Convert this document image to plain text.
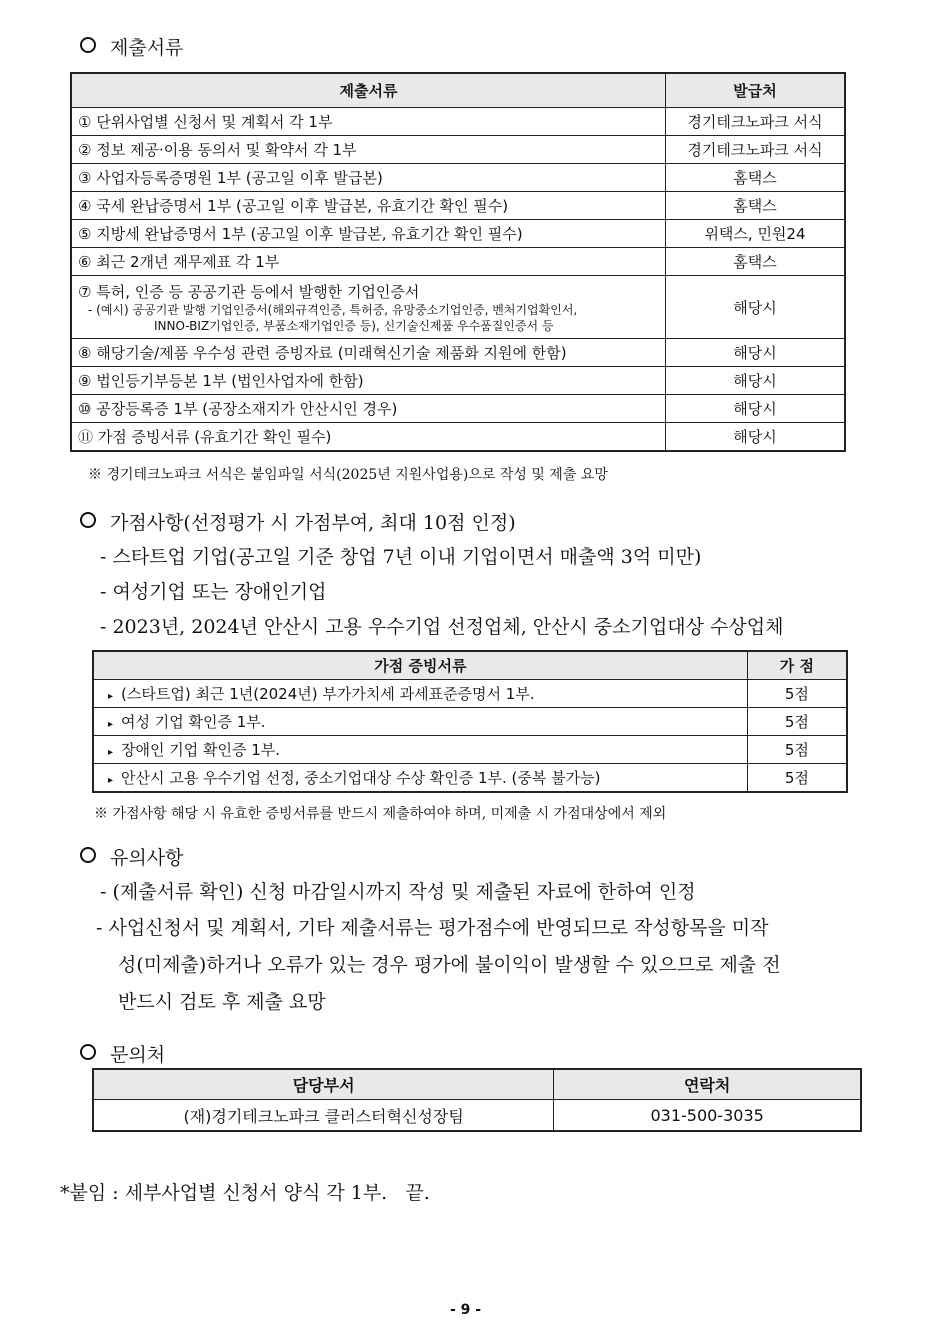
제출서류
제출서류	발급처
① 단위사업별 신청서 및 계획서 각 1부	경기테크노파크 서식
② 정보 제공·이용 동의서 및 확약서 각 1부	경기테크노파크 서식
③ 사업자등록증명원 1부 (공고일 이후 발급본)	홈택스
④ 국세 완납증명서 1부 (공고일 이후 발급본, 유효기간 확인 필수)	홈택스
⑤ 지방세 완납증명서 1부 (공고일 이후 발급본, 유효기간 확인 필수)	위택스, 민원24
⑥ 최근 2개년 재무제표 각 1부	홈택스

⑦ 특허, 인증 등 공공기관 등에서 발행한 기업인증서
- (예시) 공공기관 발행 기업인증서(해외규격인증, 특허증, 유망중소기업인증, 벤처기업확인서,
INNO-BIZ기업인증, 부품소재기업인증 등), 신기술신제품 우수품질인증서 등	해당시
⑧ 해당기술/제품 우수성 관련 증빙자료 (미래혁신기술 제품화 지원에 한함)	해당시
⑨ 법인등기부등본 1부 (법인사업자에 한함)	해당시
⑩ 공장등록증 1부 (공장소재지가 안산시인 경우)	해당시
⑪ 가점 증빙서류 (유효기간 확인 필수)	해당시
※ 경기테크노파크 서식은 붙임파일 서식(2025년 지원사업용)으로 작성 및 제출 요망
가점사항(선정평가 시 가점부여, 최대 10점 인정)
- 스타트업 기업(공고일 기준 창업 7년 이내 기업이면서 매출액 3억 미만)
- 여성기업 또는 장애인기업
- 2023년, 2024년 안산시 고용 우수기업 선정업체, 안산시 중소기업대상 수상업체
가점 증빙서류	가 점
▸ (스타트업) 최근 1년(2024년) 부가가치세 과세표준증명서 1부.	5점
▸ 여성 기업 확인증 1부.	5점
▸ 장애인 기업 확인증 1부.	5점
▸ 안산시 고용 우수기업 선정, 중소기업대상 수상 확인증 1부. (중복 불가능)	5점
※ 가점사항 해당 시 유효한 증빙서류를 반드시 제출하여야 하며, 미제출 시 가점대상에서 제외
유의사항
- (제출서류 확인) 신청 마감일시까지 작성 및 제출된 자료에 한하여 인정
- 사업신청서 및 계획서, 기타 제출서류는 평가점수에 반영되므로 작성항목을 미작
성(미제출)하거나 오류가 있는 경우 평가에 불이익이 발생할 수 있으므로 제출 전
반드시 검토 후 제출 요망
문의처
담당부서	연락처
(재)경기테크노파크 클러스터혁신성장팀	031-500-3035
*붙임 : 세부사업별 신청서 양식 각 1부.   끝.
- 9 -
